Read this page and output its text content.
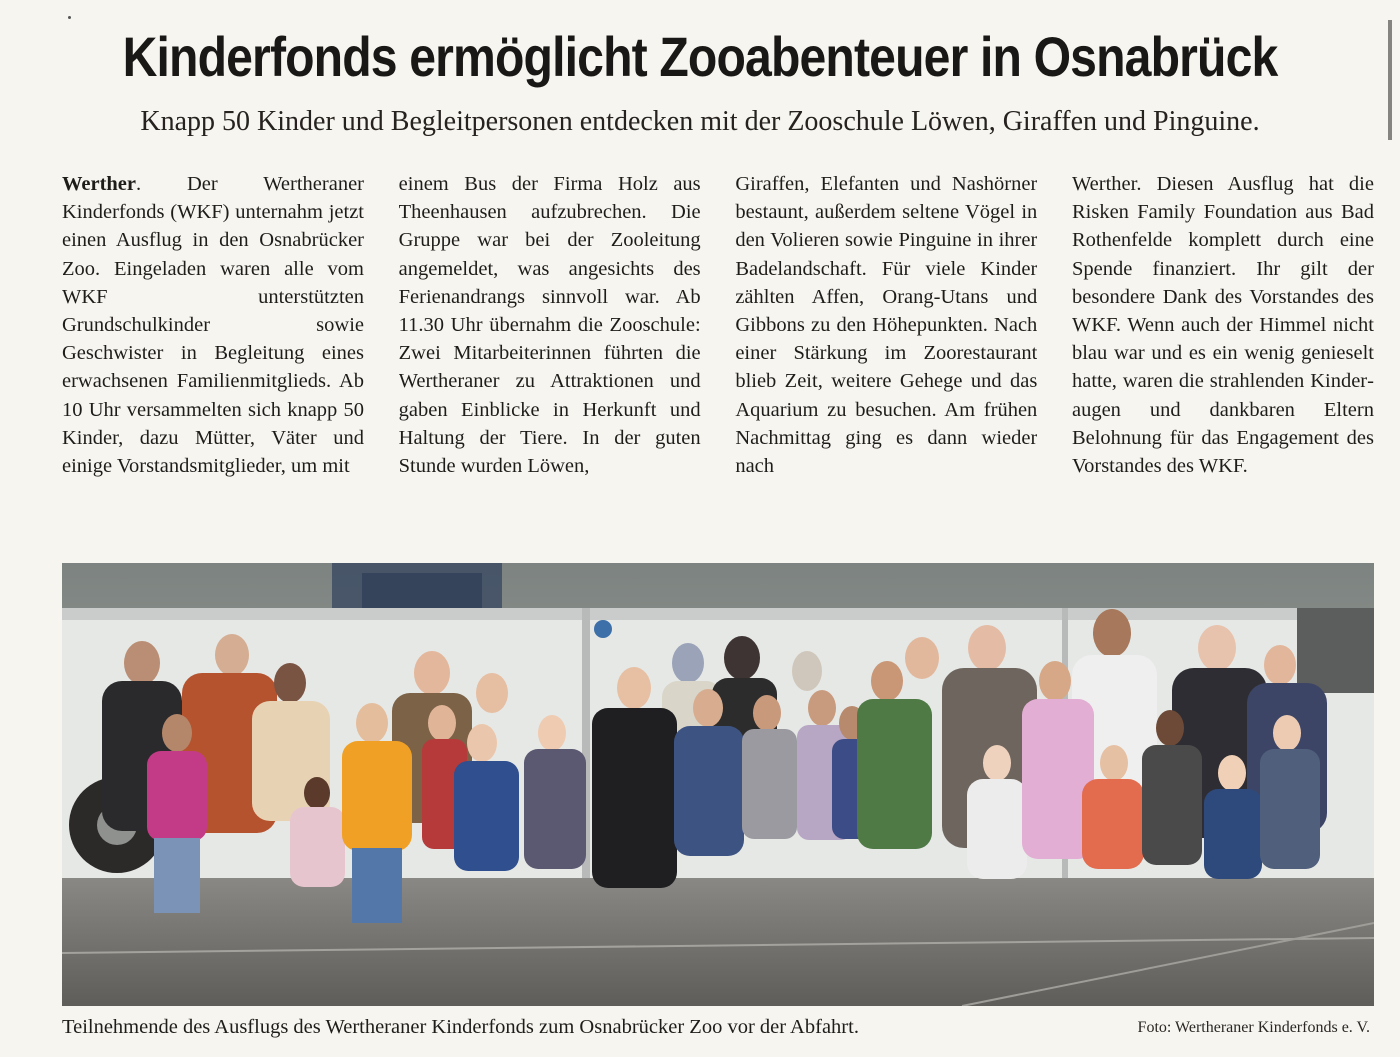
Kinderfonds ermöglicht Zooabenteuer in Osnabrück
Knapp 50 Kinder und Begleitpersonen entdecken mit der Zooschule Löwen, Giraffen und Pinguine.
Werther. Der Wertheraner Kinderfonds (WKF) unternahm jetzt einen Ausflug in den Osnabrücker Zoo. Eingeladen waren alle vom WKF unterstützten Grundschulkinder sowie Geschwister in Begleitung eines erwachsenen Familienmitglieds. Ab 10 Uhr versammelten sich knapp 50 Kinder, dazu Mütter, Väter und einige Vorstandsmitglieder, um mit
einem Bus der Firma Holz aus Theenhausen aufzubrechen. Die Gruppe war bei der Zooleitung angemeldet, was angesichts des Ferienandrangs sinnvoll war. Ab 11.30 Uhr übernahm die Zooschule: Zwei Mitarbeiterinnen führten die Wertheraner zu Attraktionen und gaben Einblicke in Herkunft und Haltung der Tiere. In der guten Stunde wurden Löwen,
Giraffen, Elefanten und Nashörner bestaunt, außerdem seltene Vögel in den Volieren sowie Pinguine in ihrer Badelandschaft. Für viele Kinder zählten Affen, Orang-Utans und Gibbons zu den Höhepunkten. Nach einer Stärkung im Zoorestaurant blieb Zeit, weitere Gehege und das Aquarium zu besuchen. Am frühen Nachmittag ging es dann wieder nach
Werther. Diesen Ausflug hat die Risken Family Foundation aus Bad Rothenfelde komplett durch eine Spende finanziert. Ihr gilt der besondere Dank des Vorstandes des WKF. Wenn auch der Himmel nicht blau war und es ein wenig genieselt hatte, waren die strahlenden Kinderaugen und dankbaren Eltern Belohnung für das Engagement des Vorstandes des WKF.
Teilnehmende des Ausflugs des Wertheraner Kinderfonds zum Osnabrücker Zoo vor der Abfahrt.	Foto: Wertheraner Kinderfonds e. V.
